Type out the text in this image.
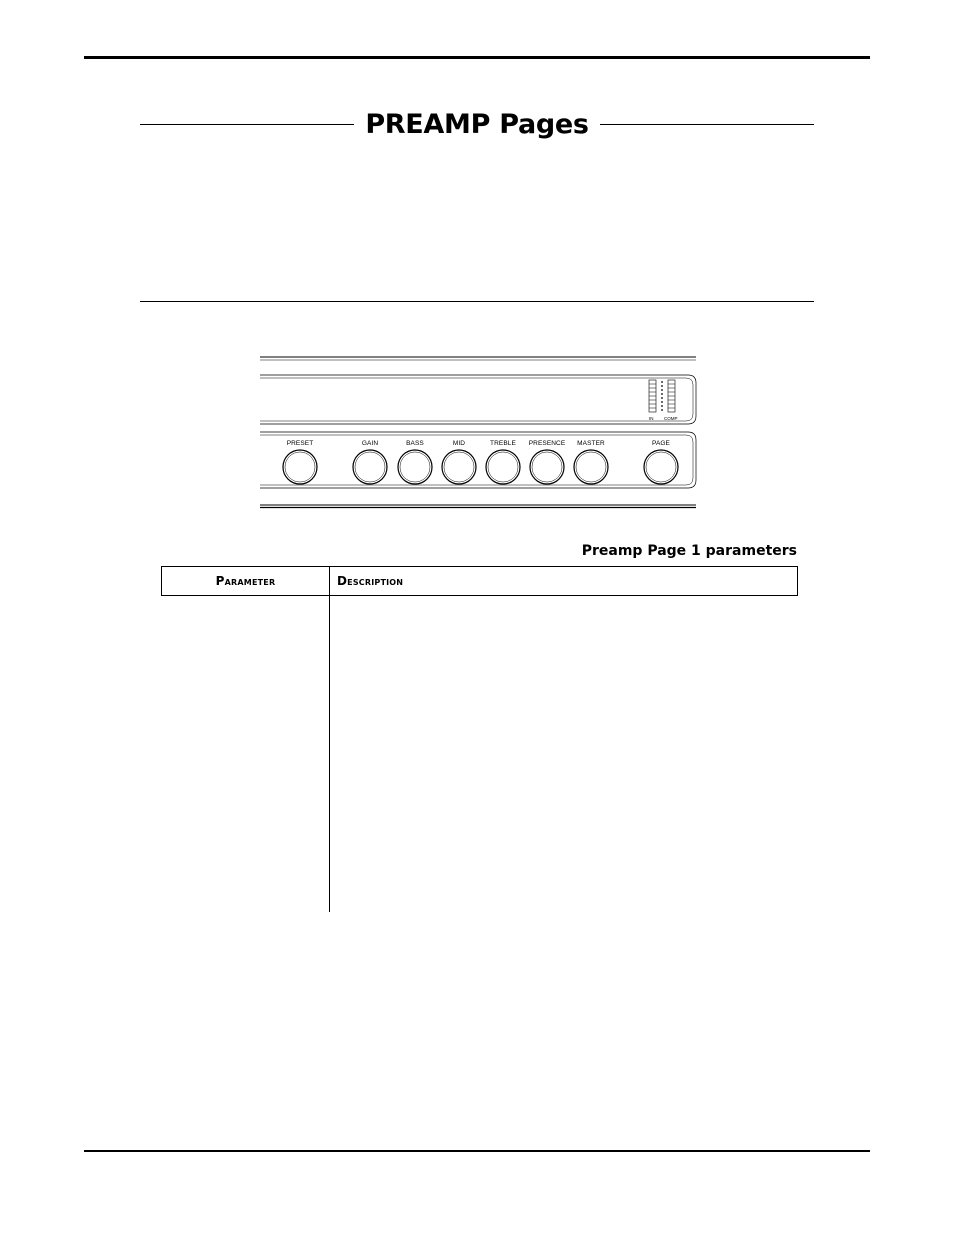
PREAMP Pages
PRESET	GAIN	BASS	MID	TREBLE	PRESENCE	MASTER	PAGE
IN COMP
Preamp Page 1 parameters
Parameter	Description
